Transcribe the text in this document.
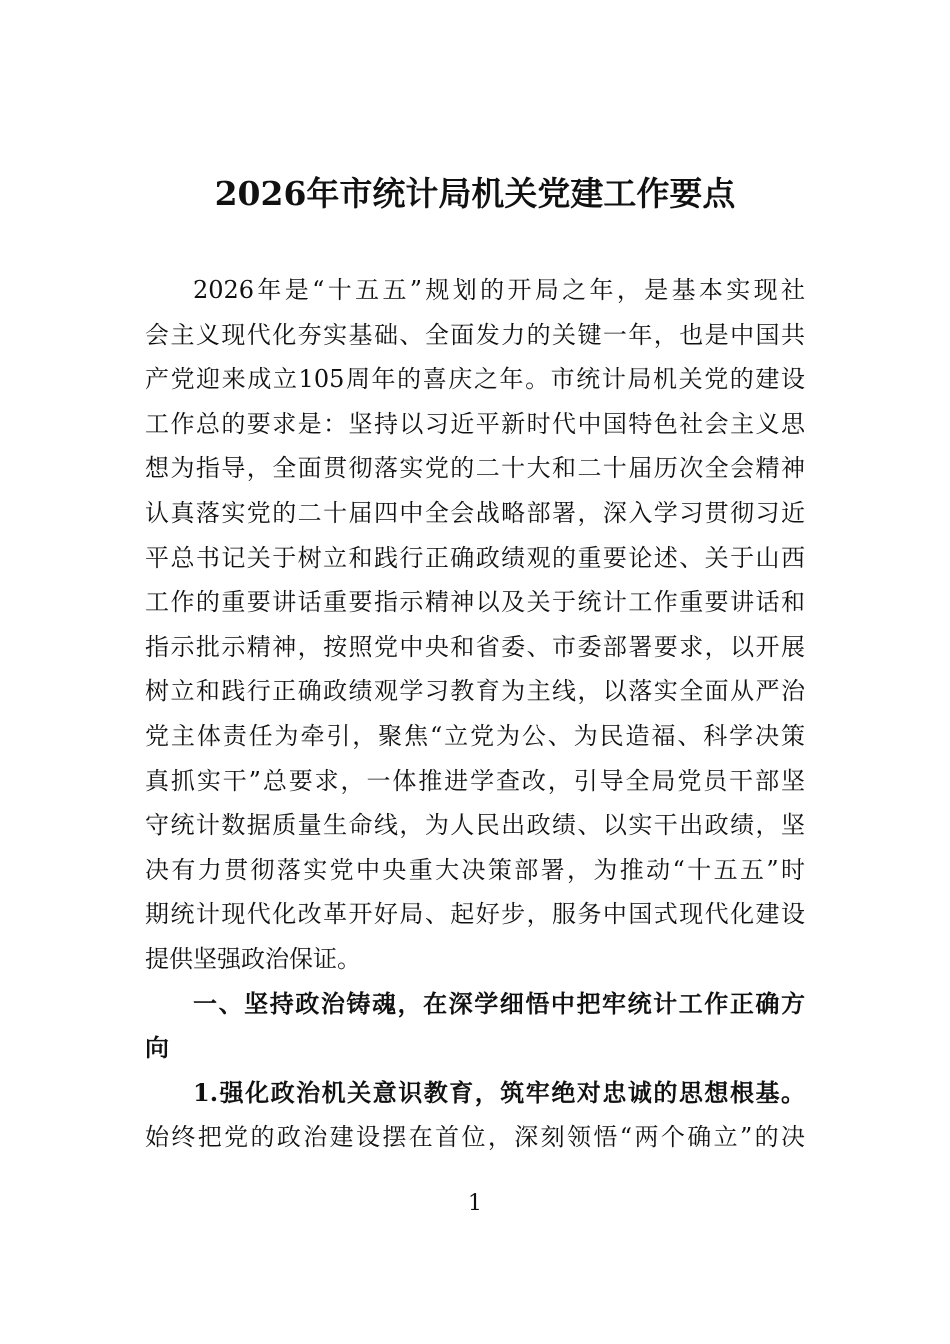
2026年市统计局机关党建工作要点
2026年是“十五五”规划的开局之年，是基本实现社
会主义现代化夯实基础、全面发力的关键一年，也是中国共
产党迎来成立105周年的喜庆之年。市统计局机关党的建设
工作总的要求是：坚持以习近平新时代中国特色社会主义思
想为指导，全面贯彻落实党的二十大和二十届历次全会精神
认真落实党的二十届四中全会战略部署，深入学习贯彻习近
平总书记关于树立和践行正确政绩观的重要论述、关于山西
工作的重要讲话重要指示精神以及关于统计工作重要讲话和
指示批示精神，按照党中央和省委、市委部署要求，以开展
树立和践行正确政绩观学习教育为主线，以落实全面从严治
党主体责任为牵引，聚焦“立党为公、为民造福、科学决策
真抓实干”总要求，一体推进学查改，引导全局党员干部坚
守统计数据质量生命线，为人民出政绩、以实干出政绩，坚
决有力贯彻落实党中央重大决策部署，为推动“十五五”时
期统计现代化改革开好局、起好步，服务中国式现代化建设
提供坚强政治保证。
一、坚持政治铸魂，在深学细悟中把牢统计工作正确方
向
1.强化政治机关意识教育，筑牢绝对忠诚的思想根基。
始终把党的政治建设摆在首位，深刻领悟“两个确立”的决
1
